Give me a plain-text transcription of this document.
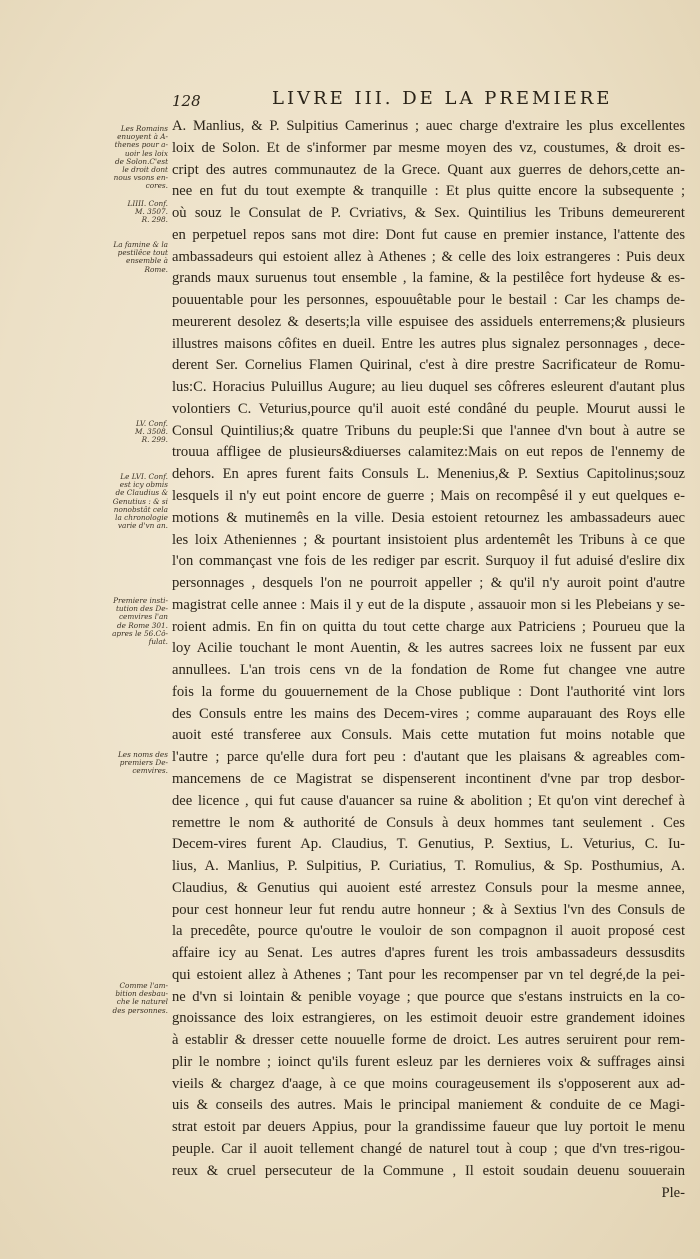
128	LIVRE III. DE LA PREMIERE
Les Romains
enuoyent à A-
thenes pour a-
uoir les loix
de Solon.C'est
le droit dont
nous vsons en-
cores.
LIIII. Conf.
M. 3507.
R. 298.
La famine & la
pestilêce tout
ensemble à
Rome.
LV. Conf.
M. 3508.
R. 299.
Le LVI. Conf.
est icy obmis
de Claudius &
Genutius : & si
nonobstât cela
la chronologie
varie d'vn an.
Premiere insti-
tution des De-
cemvires l'an
de Rome 301.
apres le 56.Cô-
fulat.
Les noms des
premiers De-
cemvires.
Comme l'am-
bition desbau-
che le naturel
des personnes.
A. Manlius, & P. Sulpitius Camerinus ; auec charge d'extraire les plus excellentes
loix de Solon. Et de s'informer par mesme moyen des vz, coustumes, & droit es-
cript des autres communautez de la Grece. Quant aux guerres de dehors,cette an-
nee en fut du tout exempte & tranquille : Et plus quitte encore la subsequente ;
où souz le Consulat de P. Cvriativs, & Sex. Quintilius les Tribuns demeurerent
en perpetuel repos sans mot dire: Dont fut cause en premier instance, l'attente des
ambassadeurs qui estoient allez à Athenes ; & celle des loix estrangeres : Puis deux
grands maux suruenus tout ensemble , la famine, & la pestilêce fort hydeuse & es-
pouuentable pour les personnes, espouuêtable pour le bestail : Car les champs de-
meurerent desolez & deserts;la ville espuisee des assiduels enterremens;& plusieurs
illustres maisons côfites en dueil. Entre les autres plus signalez personnages , dece-
derent Ser. Cornelius Flamen Quirinal, c'est à dire prestre Sacrificateur de Romu-
lus:C. Horacius Puluillus Augure; au lieu duquel ses côfreres esleurent d'autant plus
volontiers C. Veturius,pource qu'il auoit esté condâné du peuple. Mourut aussi le
Consul Quintilius;& quatre Tribuns du peuple:Si que l'annee d'vn bout à autre se
trouua affligee de plusieurs&diuerses calamitez:Mais on eut repos de l'ennemy de
dehors. En apres furent faits Consuls L. Menenius,& P. Sextius Capitolinus;souz
lesquels il n'y eut point encore de guerre ; Mais on recompêsé il y eut quelques e-
motions & mutinemês en la ville. Desia estoient retournez les ambassadeurs auec
les loix Atheniennes ; & pourtant insistoient plus ardentemêt les Tribuns à ce que
l'on commançast vne fois de les rediger par escrit. Surquoy il fut aduisé d'eslire dix
personnages , desquels l'on ne pourroit appeller ; & qu'il n'y auroit point d'autre
magistrat celle annee : Mais il y eut de la dispute , assauoir mon si les Plebeians y se-
roient admis. En fin on quitta du tout cette charge aux Patriciens ; Pourueu que la
loy Acilie touchant le mont Auentin, & les autres sacrees loix ne fussent par eux
annullees. L'an trois cens vn de la fondation de Rome fut changee vne autre
fois la forme du gouuernement de la Chose publique : Dont l'authorité vint lors
des Consuls entre les mains des Decem-vires ; comme auparauant des Roys elle
auoit esté transferee aux Consuls. Mais cette mutation fut moins notable que
l'autre ; parce qu'elle dura fort peu : d'autant que les plaisans & agreables com-
mancemens de ce Magistrat se dispenserent incontinent d'vne par trop desbor-
dee licence , qui fut cause d'auancer sa ruine & abolition ; Et qu'on vint derechef à
remettre le nom & authorité de Consuls à deux hommes tant seulement . Ces
Decem-vires furent Ap. Claudius, T. Genutius, P. Sextius, L. Veturius, C. Iu-
lius, A. Manlius, P. Sulpitius, P. Curiatius, T. Romulius, & Sp. Posthumius, A.
Claudius, & Genutius qui auoient esté arrestez Consuls pour la mesme annee,
pour cest honneur leur fut rendu autre honneur ; & à Sextius l'vn des Consuls de
la precedête, pource qu'outre le vouloir de son compagnon il auoit proposé cest
affaire icy au Senat. Les autres d'apres furent les trois ambassadeurs dessusdits
qui estoient allez à Athenes ; Tant pour les recompenser par vn tel degré,de la pei-
ne d'vn si lointain & penible voyage ; que pource que s'estans instruicts en la co-
gnoissance des loix estrangieres, on les estimoit deuoir estre grandement idoines
à establir & dresser cette nouuelle forme de droict. Les autres seruirent pour rem-
plir le nombre ; ioinct qu'ils furent esleuz par les dernieres voix & suffrages ainsi
vieils & chargez d'aage, à ce que moins courageusement ils s'opposerent aux ad-
uis & conseils des autres. Mais le principal maniement & conduite de ce Magi-
strat estoit par deuers Appius, pour la grandissime faueur que luy portoit le menu
peuple. Car il auoit tellement changé de naturel tout à coup ; que d'vn tres-rigou-
reux & cruel persecuteur de la Commune , Il estoit soudain deuenu souuerain
Ple-
